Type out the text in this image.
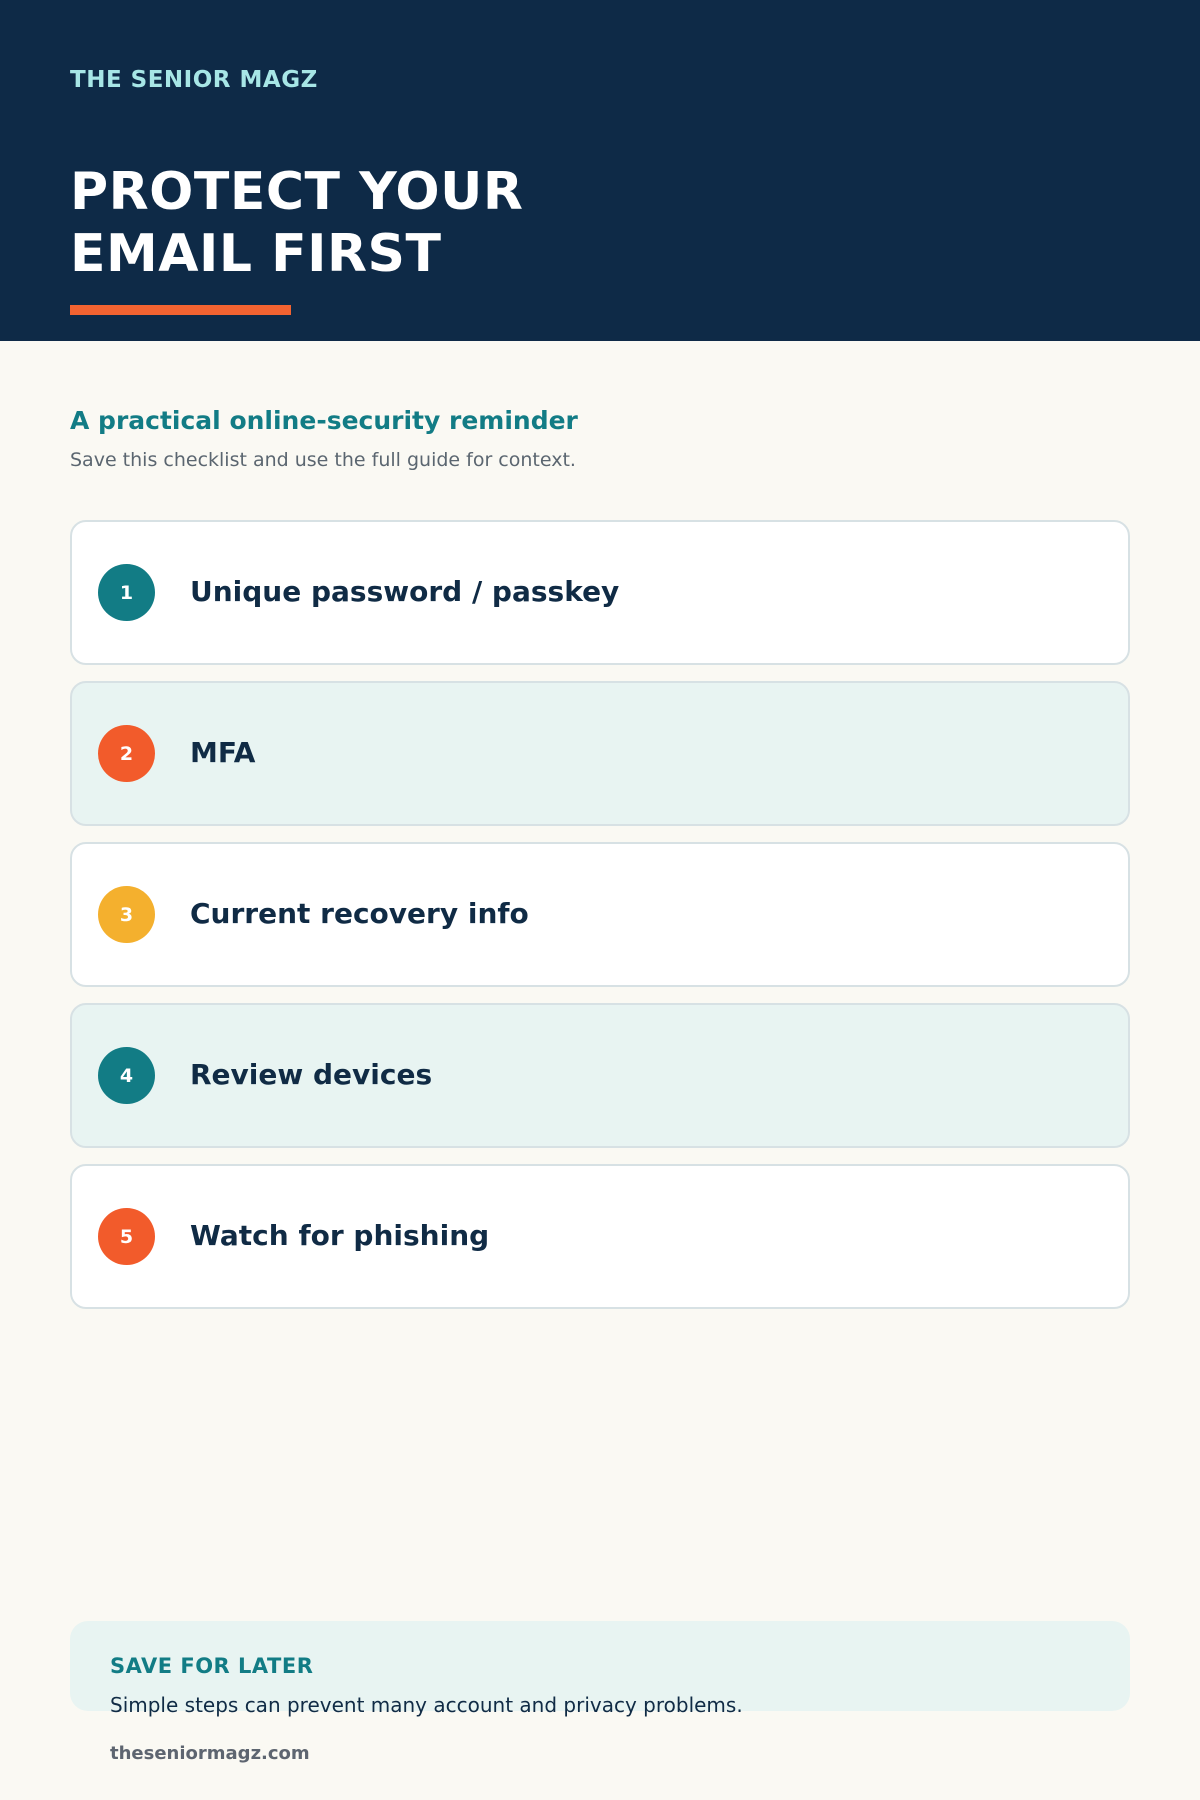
THE SENIOR MAGZ
PROTECT YOUR
EMAIL FIRST
A practical online-security reminder

Save this checklist and use the full guide for context.

1	Unique password / passkey
2	MFA
3	Current recovery info
4	Review devices
5	Watch for phishing
SAVE FOR LATER
Simple steps can prevent many account and privacy problems.
theseniormagz.com
